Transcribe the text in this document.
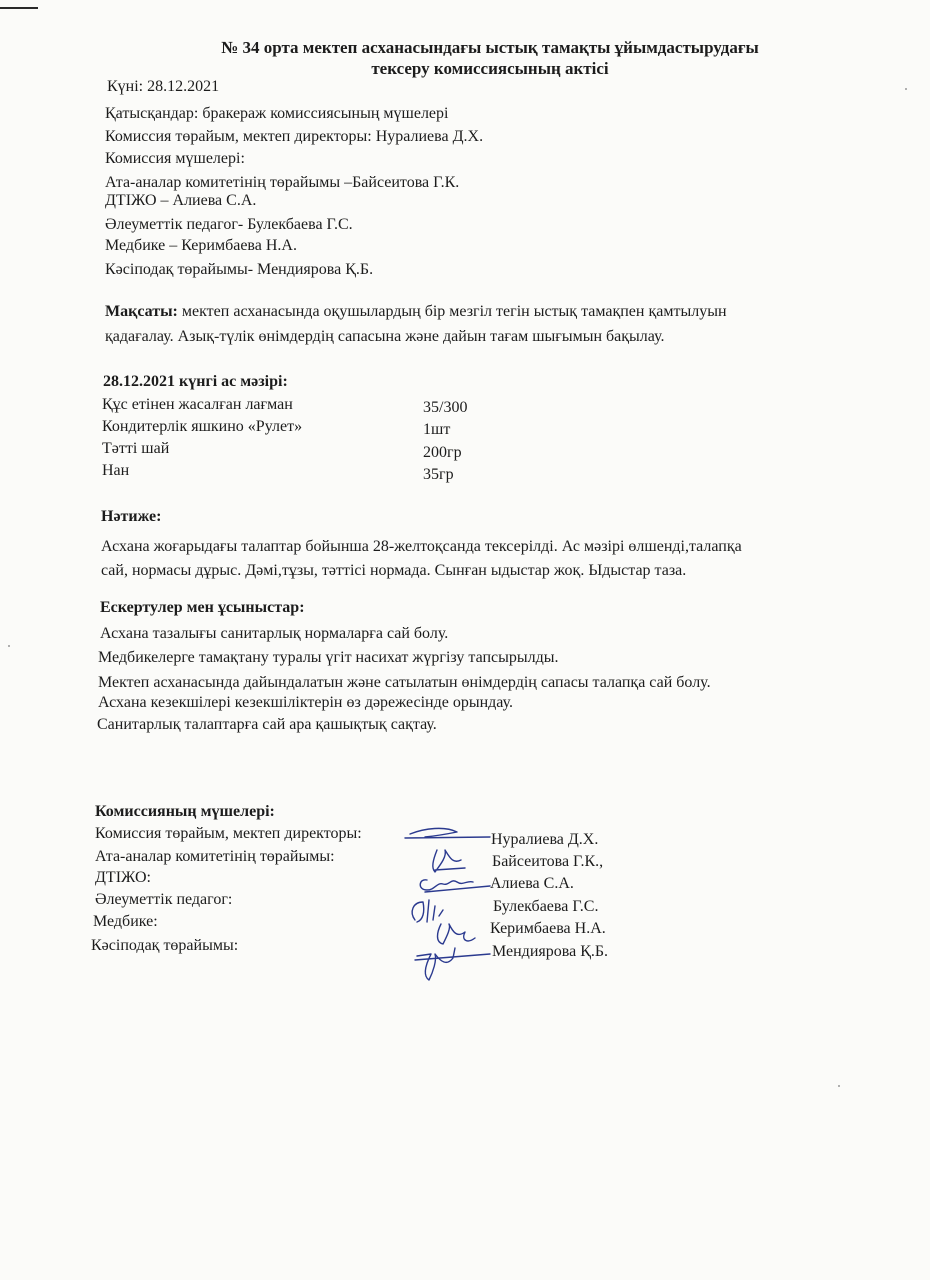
№ 34 орта мектеп асханасындағы ыстық тамақты ұйымдастырудағы
тексеру комиссиясының актісі
Күні: 28.12.2021
Қатысқандар: бракераж комиссиясының мүшелері
Комиссия төрайым, мектеп директоры: Нуралиева Д.Х.
Комиссия мүшелері:
Ата-аналар комитетінің төрайымы –Байсеитова Г.К.
ДТІЖО – Алиева С.А.
Әлеуметтік педагог- Булекбаева Г.С.
Медбике – Керимбаева Н.А.
Кәсіподақ төрайымы- Мендиярова Қ.Б.
Мақсаты: мектеп асханасында оқушылардың бір мезгіл тегін ыстық тамақпен қамтылуын
қадағалау. Азық-түлік өнімдердің сапасына және дайын тағам шығымын бақылау.
28.12.2021 күнгі ас мәзірі:
Құс етінен жасалған лағман	35/300
Кондитерлік яшкино «Рулет»	1шт
Тәтті шай	200гр
Нан	35гр
Нәтиже:
Асхана жоғарыдағы талаптар бойынша 28-желтоқсанда тексерілді. Ас мәзірі өлшенді,талапқа
сай, нормасы дұрыс. Дәмі,тұзы, тәттісі нормада. Сынған ыдыстар жоқ. Ыдыстар таза.
Ескертулер мен ұсыныстар:
Асхана тазалығы санитарлық нормаларға сай болу.
Медбикелерге тамақтану туралы үгіт насихат жүргізу тапсырылды.
Мектеп асханасында дайындалатын және сатылатын өнімдердің сапасы талапқа сай болу.
Асхана кезекшілері кезекшіліктерін өз дәрежесінде орындау.
Санитарлық талаптарға сай ара қашықтық сақтау.
Комиссияның мүшелері:
Комиссия төрайым, мектеп директоры:	Нуралиева Д.Х.
Ата-аналар комитетінің төрайымы:	Байсеитова Г.К.,
ДТІЖО:	Алиева С.А.
Әлеуметтік педагог:	Булекбаева Г.С.
Медбике:	Керимбаева Н.А.
Кәсіподақ төрайымы:	Мендиярова Қ.Б.
